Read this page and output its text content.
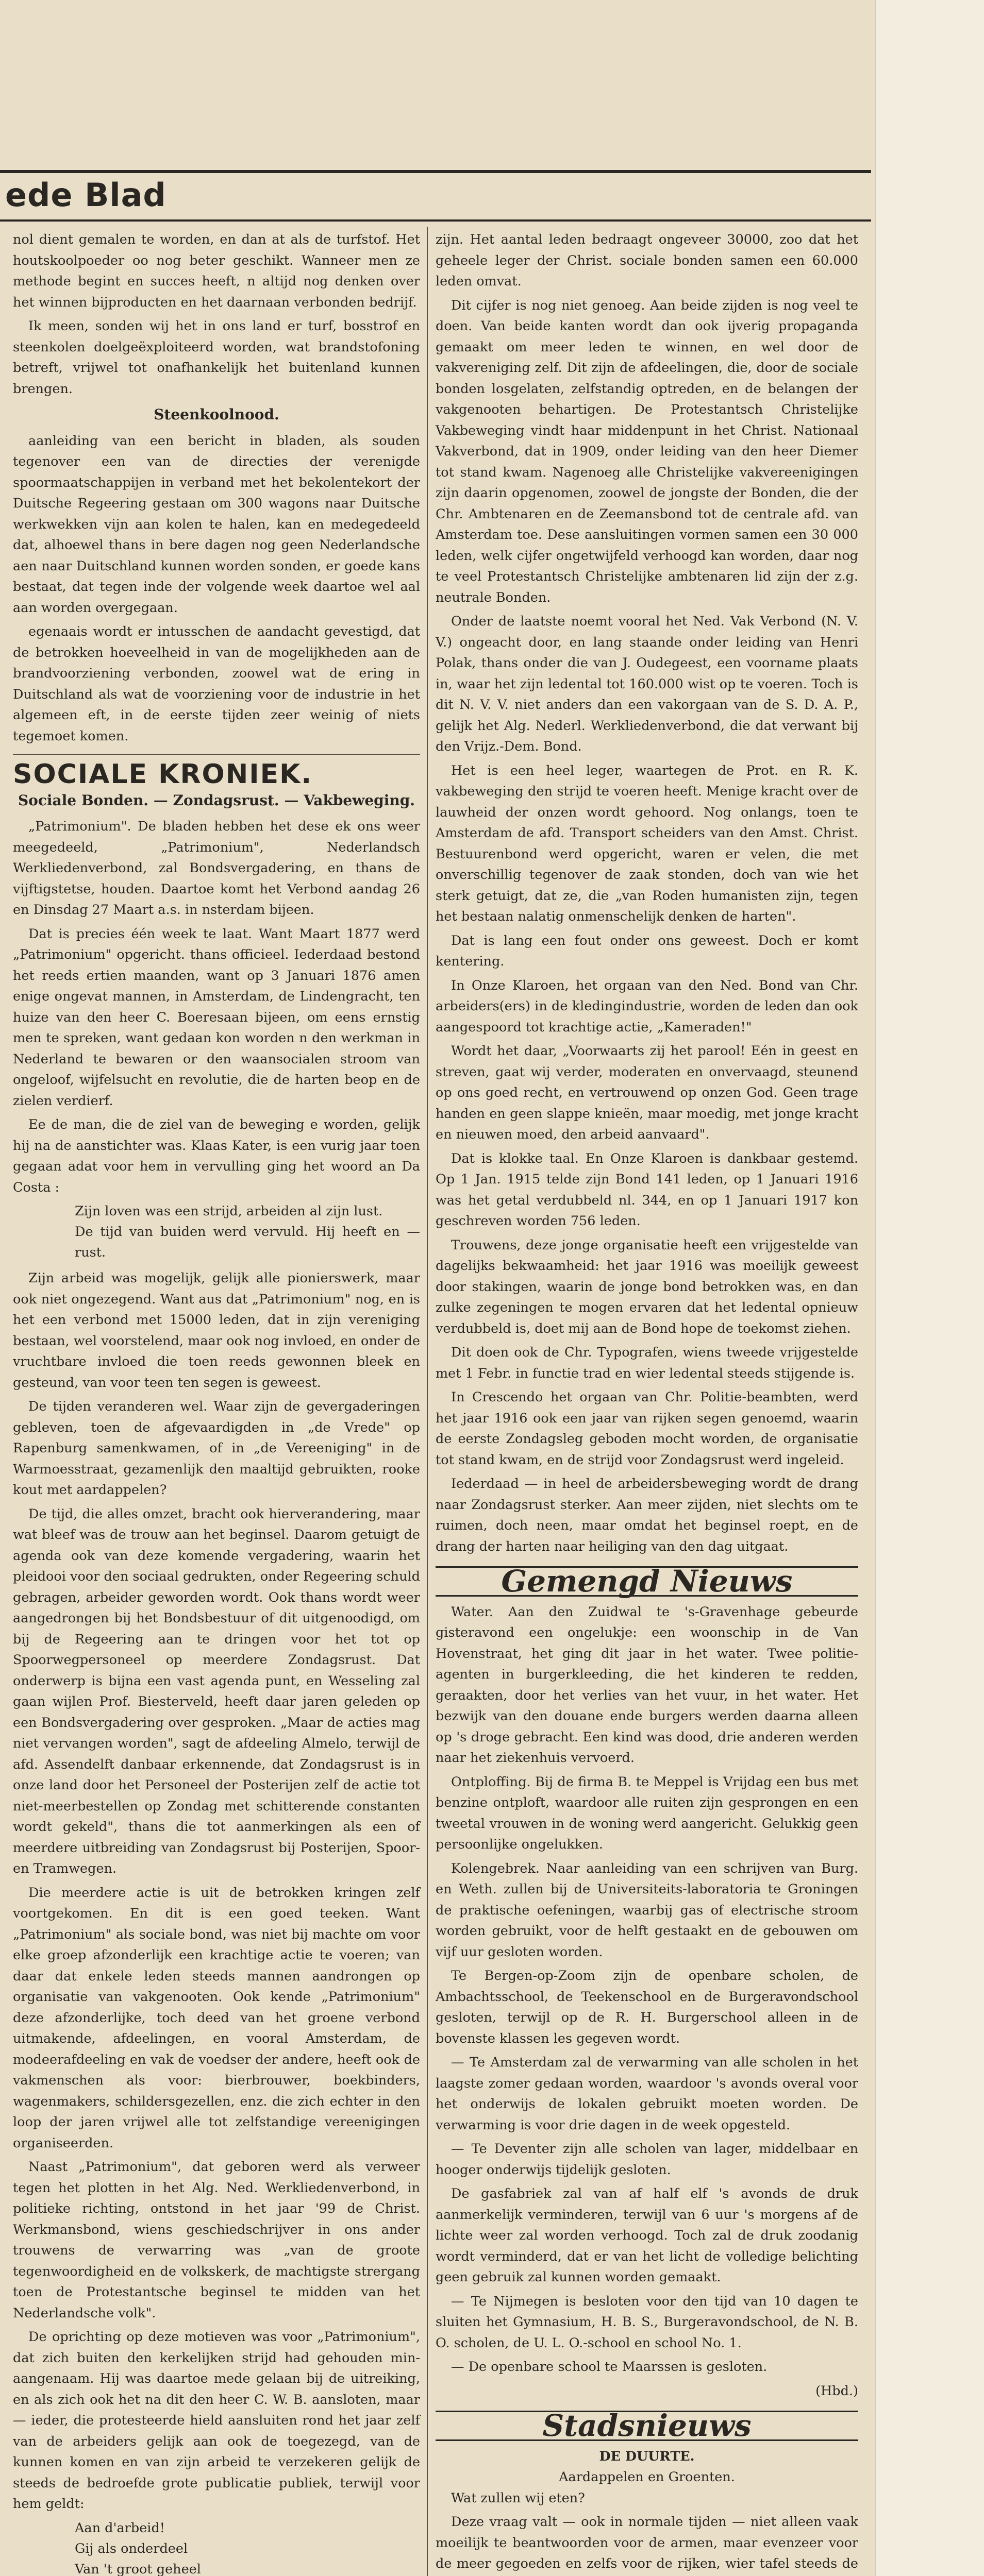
ede Blad

nol dient gemalen te worden, en dan at als de turfstof. Het houtskoolpoeder oo nog beter geschikt. Wanneer men ze methode begint en succes heeft, n altijd nog denken over het winnen bijproducten en het daarnaan verbonden bedrijf.

Ik meen, sonden wij het in ons land er turf, bosstrof en steenkolen doelgeëxploiteerd worden, wat brandstofoning betreft, vrijwel tot onafhankelijk het buitenland kunnen brengen.

Steenkoolnood.

aanleiding van een bericht in bladen, als souden tegenover een van de directies der verenigde spoormaatschappijen in verband met het bekolentekort der Duitsche Regeering gestaan om 300 wagons naar Duitsche werkwekken vijn aan kolen te halen, kan en medegedeeld dat, alhoewel thans in bere dagen nog geen Nederlandsche aen naar Duitschland kunnen worden sonden, er goede kans bestaat, dat tegen inde der volgende week daartoe wel aal aan worden overgegaan.

egenaais wordt er intusschen de aandacht gevestigd, dat de betrokken hoeveelheid in van de mogelijkheden aan de brandvoorziening verbonden, zoowel wat de ering in Duitschland als wat de voorziening voor de industrie in het algemeen eft, in de eerste tijden zeer weinig of niets tegemoet komen.

SOCIALE KRONIEK.
Sociale Bonden. — Zondagsrust. — Vakbeweging.

„Patrimonium". De bladen hebben het dese ek ons weer meegedeeld, „Patrimonium", Nederlandsch Werkliedenverbond, zal Bondsvergadering, en thans de vijftigstetse, houden. Daartoe komt het Verbond aandag 26 en Dinsdag 27 Maart a.s. in nsterdam bijeen.

Dat is precies één week te laat. Want Maart 1877 werd „Patrimonium" opgericht. thans officieel. Iederdaad bestond het reeds ertien maanden, want op 3 Januari 1876 amen enige ongevat mannen, in Amsterdam, de Lindengracht, ten huize van den heer C. Boeresaan bijeen, om eens ernstig men te spreken, want gedaan kon worden n den werkman in Nederland te bewaren or den waansocialen stroom van ongeloof, wijfelsucht en revolutie, die de harten beop en de zielen verdierf.

Ee de man, die de ziel van de beweging e worden, gelijk hij na de aanstichter was. Klaas Kater, is een vurig jaar toen gegaan adat voor hem in vervulling ging het woord an Da Costa :

Zijn loven was een strijd, arbeiden al zijn lust.
De tijd van buiden werd vervuld. Hij heeft en — rust.

Zijn arbeid was mogelijk, gelijk alle pionierswerk, maar ook niet ongezegend. Want aus dat „Patrimonium" nog, en is het een verbond met 15000 leden, dat in zijn vereniging bestaan, wel voorstelend, maar ook nog invloed, en onder de vruchtbare invloed die toen reeds gewonnen bleek en gesteund, van voor teen ten segen is geweest.

De tijden veranderen wel. Waar zijn de gevergaderingen gebleven, toen de afgevaardigden in „de Vrede" op Rapenburg samenkwamen, of in „de Vereeniging" in de Warmoesstraat, gezamenlijk den maaltijd gebruikten, rooke kout met aardappelen?

De tijd, die alles omzet, bracht ook hierverandering, maar wat bleef was de trouw aan het beginsel. Daarom getuigt de agenda ook van deze komende vergadering, waarin het pleidooi voor den sociaal gedrukten, onder Regeering schuld gebragen, arbeider geworden wordt. Ook thans wordt weer aangedrongen bij het Bondsbestuur of dit uitgenoodigd, om bij de Regeering aan te dringen voor het tot op Spoorwegpersoneel op meerdere Zondagsrust. Dat onderwerp is bijna een vast agenda punt, en Wesseling zal gaan wijlen Prof. Biesterveld, heeft daar jaren geleden op een Bondsvergadering over gesproken. „Maar de acties mag niet vervangen worden", sagt de afdeeling Almelo, terwijl de afd. Assendelft danbaar erkennende, dat Zondagsrust is in onze land door het Personeel der Posterijen zelf de actie tot niet-meerbestellen op Zondag met schitterende constanten wordt gekeld", thans die tot aanmerkingen als een of meerdere uitbreiding van Zondagsrust bij Posterijen, Spoor- en Tramwegen.

Die meerdere actie is uit de betrokken kringen zelf voortgekomen. En dit is een goed teeken. Want „Patrimonium" als sociale bond, was niet bij machte om voor elke groep afzonderlijk een krachtige actie te voeren; van daar dat enkele leden steeds mannen aandrongen op organisatie van vakgenooten. Ook kende „Patrimonium" deze afzonderlijke, toch deed van het groene verbond uitmakende, afdeelingen, en vooral Amsterdam, de modeerafdeeling en vak de voedser der andere, heeft ook de vakmenschen als voor: bierbrouwer, boekbinders, wagenmakers, schildersgezellen, enz. die zich echter in den loop der jaren vrijwel alle tot zelfstandige vereenigingen organiseerden.

Naast „Patrimonium", dat geboren werd als verweer tegen het plotten in het Alg. Ned. Werkliedenverbond, in politieke richting, ontstond in het jaar '99 de Christ. Werkmansbond, wiens geschiedschrijver in ons ander trouwens de verwarring was „van de groote tegenwoordigheid en de volkskerk, de machtigste strergang toen de Protestantsche beginsel te midden van het Nederlandsche volk".

De oprichting op deze motieven was voor „Patrimonium", dat zich buiten den kerkelijken strijd had gehouden min-aangenaam. Hij was daartoe mede gelaan bij de uitreiking, en als zich ook het na dit den heer C. W. B. aansloten, maar — ieder, die protesteerde hield aansluiten rond het jaar zelf van de arbeiders gelijk aan ook de toegezegd, van de kunnen komen en van zijn arbeid te verzekeren gelijk de steeds de bedroefde grote publicatie publiek, terwijl voor hem geldt:

Aan d'arbeid!
Gij als onderdeel
Van 't groot geheel

zijn. Het aantal leden bedraagt ongeveer 30000, zoo dat het geheele leger der Christ. sociale bonden samen een 60.000 leden omvat.

Dit cijfer is nog niet genoeg. Aan beide zijden is nog veel te doen. Van beide kanten wordt dan ook ijverig propaganda gemaakt om meer leden te winnen, en wel door de vakvereniging zelf. Dit zijn de afdeelingen, die, door de sociale bonden losgelaten, zelfstandig optreden, en de belangen der vakgenooten behartigen. De Protestantsch Christelijke Vakbeweging vindt haar middenpunt in het Christ. Nationaal Vakverbond, dat in 1909, onder leiding van den heer Diemer tot stand kwam. Nagenoeg alle Christelijke vakvereenigingen zijn daarin opgenomen, zoowel de jongste der Bonden, die der Chr. Ambtenaren en de Zeemansbond tot de centrale afd. van Amsterdam toe. Dese aansluitingen vormen samen een 30 000 leden, welk cijfer ongetwijfeld verhoogd kan worden, daar nog te veel Protestantsch Christelijke ambtenaren lid zijn der z.g. neutrale Bonden.

Onder de laatste noemt vooral het Ned. Vak Verbond (N. V. V.) ongeacht door, en lang staande onder leiding van Henri Polak, thans onder die van J. Oudegeest, een voorname plaats in, waar het zijn ledental tot 160.000 wist op te voeren. Toch is dit N. V. V. niet anders dan een vakorgaan van de S. D. A. P., gelijk het Alg. Nederl. Werkliedenverbond, die dat verwant bij den Vrijz.-Dem. Bond.

Het is een heel leger, waartegen de Prot. en R. K. vakbeweging den strijd te voeren heeft. Menige kracht over de lauwheid der onzen wordt gehoord. Nog onlangs, toen te Amsterdam de afd. Transport scheiders van den Amst. Christ. Bestuurenbond werd opgericht, waren er velen, die met onverschillig tegenover de zaak stonden, doch van wie het sterk getuigt, dat ze, die „van Roden humanisten zijn, tegen het bestaan nalatig onmenschelijk denken de harten".

Dat is lang een fout onder ons geweest. Doch er komt kentering.

In Onze Klaroen, het orgaan van den Ned. Bond van Chr. arbeiders(ers) in de kledingindustrie, worden de leden dan ook aangespoord tot krachtige actie, „Kameraden!"

Wordt het daar, „Voorwaarts zij het parool! Eén in geest en streven, gaat wij verder, moderaten en onvervaagd, steunend op ons goed recht, en vertrouwend op onzen God. Geen trage handen en geen slappe knieën, maar moedig, met jonge kracht en nieuwen moed, den arbeid aanvaard".

Dat is klokke taal. En Onze Klaroen is dankbaar gestemd. Op 1 Jan. 1915 telde zijn Bond 141 leden, op 1 Januari 1916 was het getal verdubbeld nl. 344, en op 1 Januari 1917 kon geschreven worden 756 leden.

Trouwens, deze jonge organisatie heeft een vrijgestelde van dagelijks bekwaamheid: het jaar 1916 was moeilijk geweest door stakingen, waarin de jonge bond betrokken was, en dan zulke zegeningen te mogen ervaren dat het ledental opnieuw verdubbeld is, doet mij aan de Bond hope de toekomst ziehen.

Dit doen ook de Chr. Typografen, wiens tweede vrijgestelde met 1 Febr. in functie trad en wier ledental steeds stijgende is.

In Crescendo het orgaan van Chr. Politie-beambten, werd het jaar 1916 ook een jaar van rijken segen genoemd, waarin de eerste Zondagsleg geboden mocht worden, de organisatie tot stand kwam, en de strijd voor Zondagsrust werd ingeleid.

Iederdaad — in heel de arbeidersbeweging wordt de drang naar Zondagsrust sterker. Aan meer zijden, niet slechts om te ruimen, doch neen, maar omdat het beginsel roept, en de drang der harten naar heiliging van den dag uitgaat.

Gemengd Nieuws

Water. Aan den Zuidwal te 's-Gravenhage gebeurde gisteravond een ongelukje: een woonschip in de Van Hovenstraat, het ging dit jaar in het water. Twee politie-agenten in burgerkleeding, die het kinderen te redden, geraakten, door het verlies van het vuur, in het water. Het bezwijk van den douane ende burgers werden daarna alleen op 's droge gebracht. Een kind was dood, drie anderen werden naar het ziekenhuis vervoerd.

Ontploffing. Bij de firma B. te Meppel is Vrijdag een bus met benzine ontploft, waardoor alle ruiten zijn gesprongen en een tweetal vrouwen in de woning werd aangericht. Gelukkig geen persoonlijke ongelukken.

Kolengebrek. Naar aanleiding van een schrijven van Burg. en Weth. zullen bij de Universiteits-laboratoria te Groningen de praktische oefeningen, waarbij gas of electrische stroom worden gebruikt, voor de helft gestaakt en de gebouwen om vijf uur gesloten worden.

Te Bergen-op-Zoom zijn de openbare scholen, de Ambachtsschool, de Teekenschool en de Burgeravondschool gesloten, terwijl op de R. H. Burgerschool alleen in de bovenste klassen les gegeven wordt.

— Te Amsterdam zal de verwarming van alle scholen in het laagste zomer gedaan worden, waardoor 's avonds overal voor het onderwijs de lokalen gebruikt moeten worden. De verwarming is voor drie dagen in de week opgesteld.

— Te Deventer zijn alle scholen van lager, middelbaar en hooger onderwijs tijdelijk gesloten.

De gasfabriek zal van af half elf 's avonds de druk aanmerkelijk verminderen, terwijl van 6 uur 's morgens af de lichte weer zal worden verhoogd. Toch zal de druk zoodanig wordt verminderd, dat er van het licht de volledige belichting geen gebruik zal kunnen worden gemaakt.

— Te Nijmegen is besloten voor den tijd van 10 dagen te sluiten het Gymnasium, H. B. S., Burgeravondschool, de N. B. O. scholen, de U. L. O.-school en school No. 1.

— De openbare school te Maarssen is gesloten.

(Hbd.)

Stadsnieuws
DE DUURTE.
Aardappelen en Groenten.

Wat zullen wij eten?

Deze vraag valt — ook in normale tijden — niet alleen vaak moeilijk te beantwoorden voor de armen, maar evenzeer voor de meer gegoeden en zelfs voor de rijken, wier tafel steeds de
